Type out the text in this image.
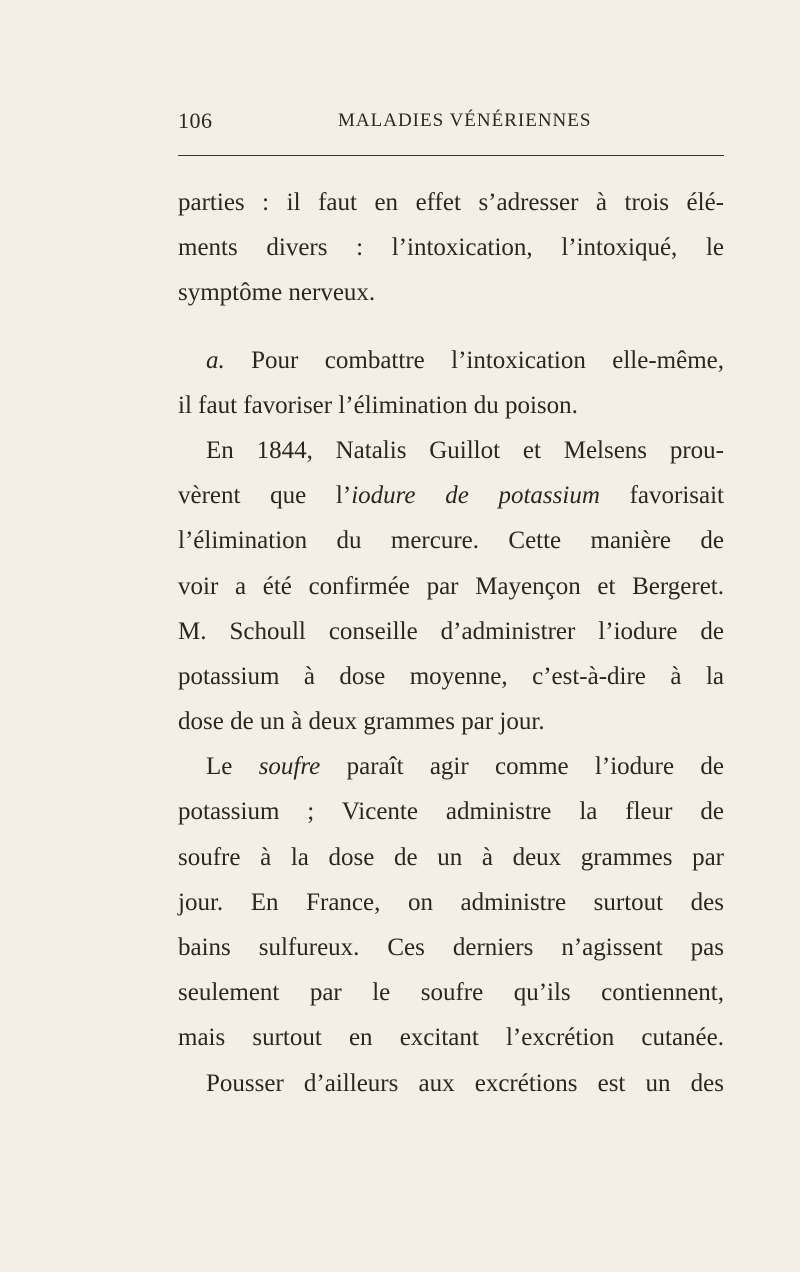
106	MALADIES VÉNÉRIENNES
parties : il faut en effet s’adresser à trois élé-
ments divers : l’intoxication, l’intoxiqué, le
symptôme nerveux.
a. Pour combattre l’intoxication elle-même,
il faut favoriser l’élimination du poison.
En 1844, Natalis Guillot et Melsens prou-
vèrent que l’iodure de potassium favorisait
l’élimination du mercure. Cette manière de
voir a été confirmée par Mayençon et Bergeret.
M. Schoull conseille d’administrer l’iodure de
potassium à dose moyenne, c’est-à-dire à la
dose de un à deux grammes par jour.
Le soufre paraît agir comme l’iodure de
potassium ; Vicente administre la fleur de
soufre à la dose de un à deux grammes par
jour. En France, on administre surtout des
bains sulfureux. Ces derniers n’agissent pas
seulement par le soufre qu’ils contiennent,
mais surtout en excitant l’excrétion cutanée.
Pousser d’ailleurs aux excrétions est un des
